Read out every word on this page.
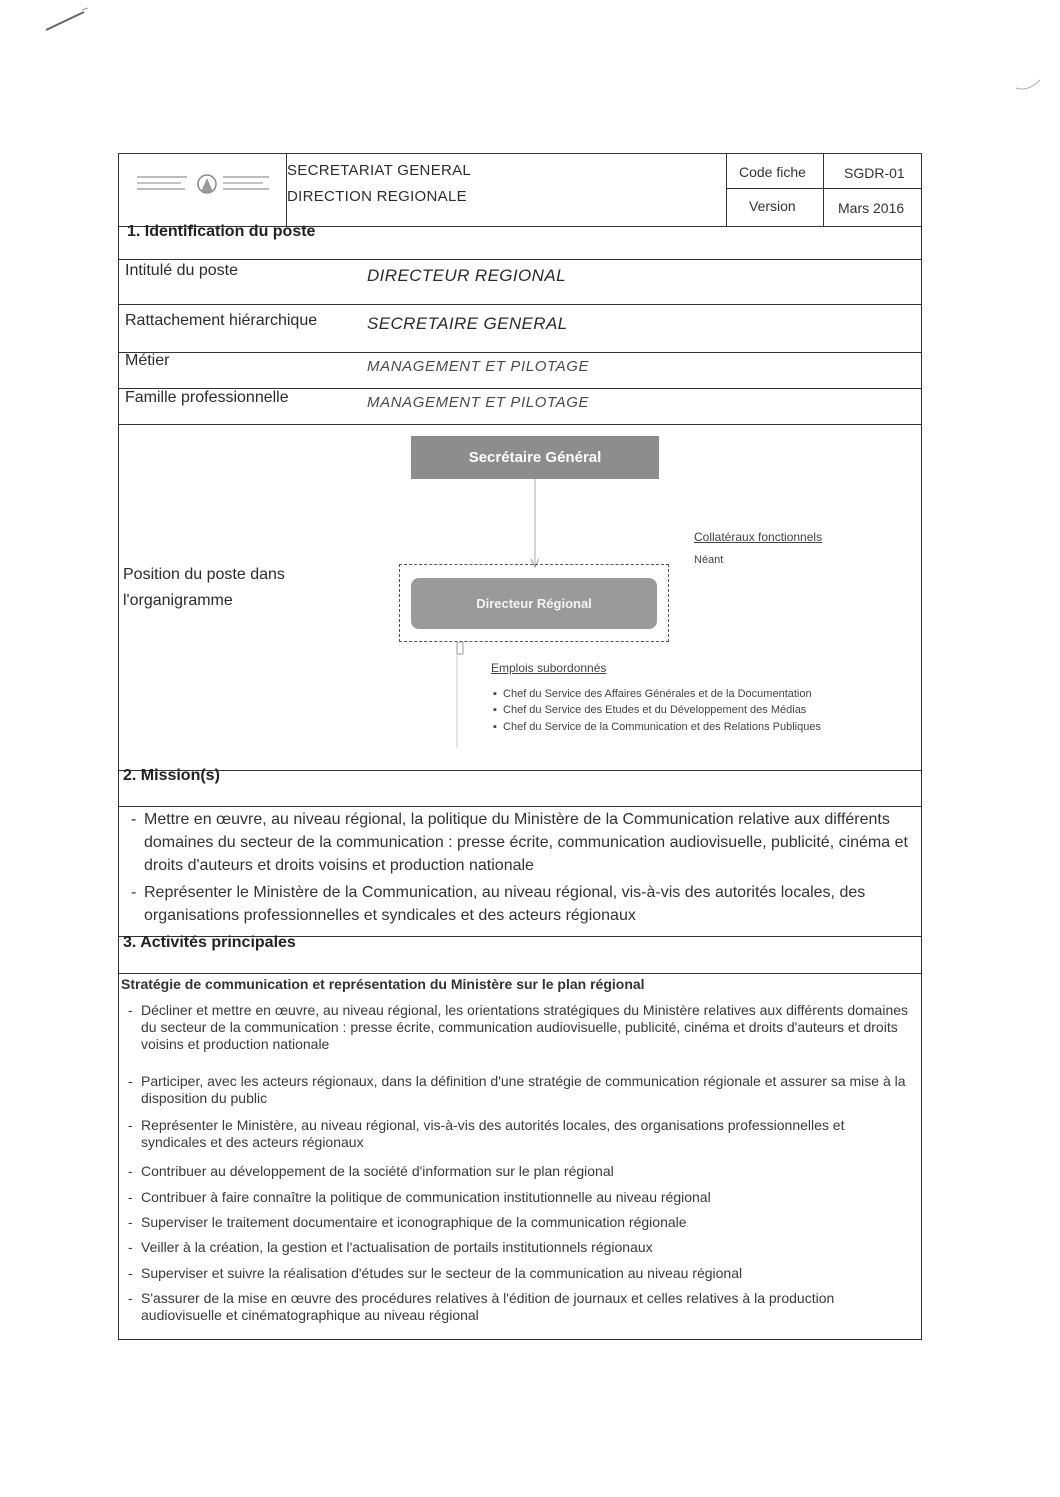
SECRETARIAT GENERAL
DIRECTION REGIONALE
Code fiche	SGDR-01
Version	Mars 2016
1. Identification du poste
Intitulé du poste	DIRECTEUR REGIONAL
Rattachement hiérarchique	SECRETAIRE GENERAL
Métier	MANAGEMENT ET PILOTAGE
Famille professionnelle	MANAGEMENT ET PILOTAGE
Position du poste dans
l'organigramme
Secrétaire Général
Directeur Régional
Collatéraux fonctionnels
Néant
Emplois subordonnés
▪  Chef du Service des Affaires Générales et de la Documentation
▪  Chef du Service des Etudes et du Développement des Médias
▪  Chef du Service de la Communication et des Relations Publiques
2. Mission(s)
- Mettre en œuvre, au niveau régional, la politique du Ministère de la Communication relative aux différents domaines du secteur de la communication : presse écrite, communication audiovisuelle, publicité, cinéma et droits d'auteurs et droits voisins et production nationale
- Représenter le Ministère de la Communication, au niveau régional, vis-à-vis des autorités locales, des organisations professionnelles et syndicales et des acteurs régionaux
3. Activités principales
Stratégie de communication et représentation du Ministère sur le plan régional
- Décliner et mettre en œuvre, au niveau régional, les orientations stratégiques du Ministère relatives aux différents domaines du secteur de la communication : presse écrite, communication audiovisuelle, publicité, cinéma et droits d'auteurs et droits voisins et production nationale
- Participer, avec les acteurs régionaux, dans la définition d'une stratégie de communication régionale et assurer sa mise à la disposition du public
- Représenter le Ministère, au niveau régional, vis-à-vis des autorités locales, des organisations professionnelles et syndicales et des acteurs régionaux
- Contribuer au développement de la société d'information sur le plan régional
- Contribuer à faire connaître la politique de communication institutionnelle au niveau régional
- Superviser le traitement documentaire et iconographique de la communication régionale
- Veiller à la création, la gestion et l'actualisation de portails institutionnels régionaux
- Superviser et suivre la réalisation d'études sur le secteur de la communication au niveau régional
- S'assurer de la mise en œuvre des procédures relatives à l'édition de journaux et celles relatives à la production audiovisuelle et cinématographique au niveau régional
